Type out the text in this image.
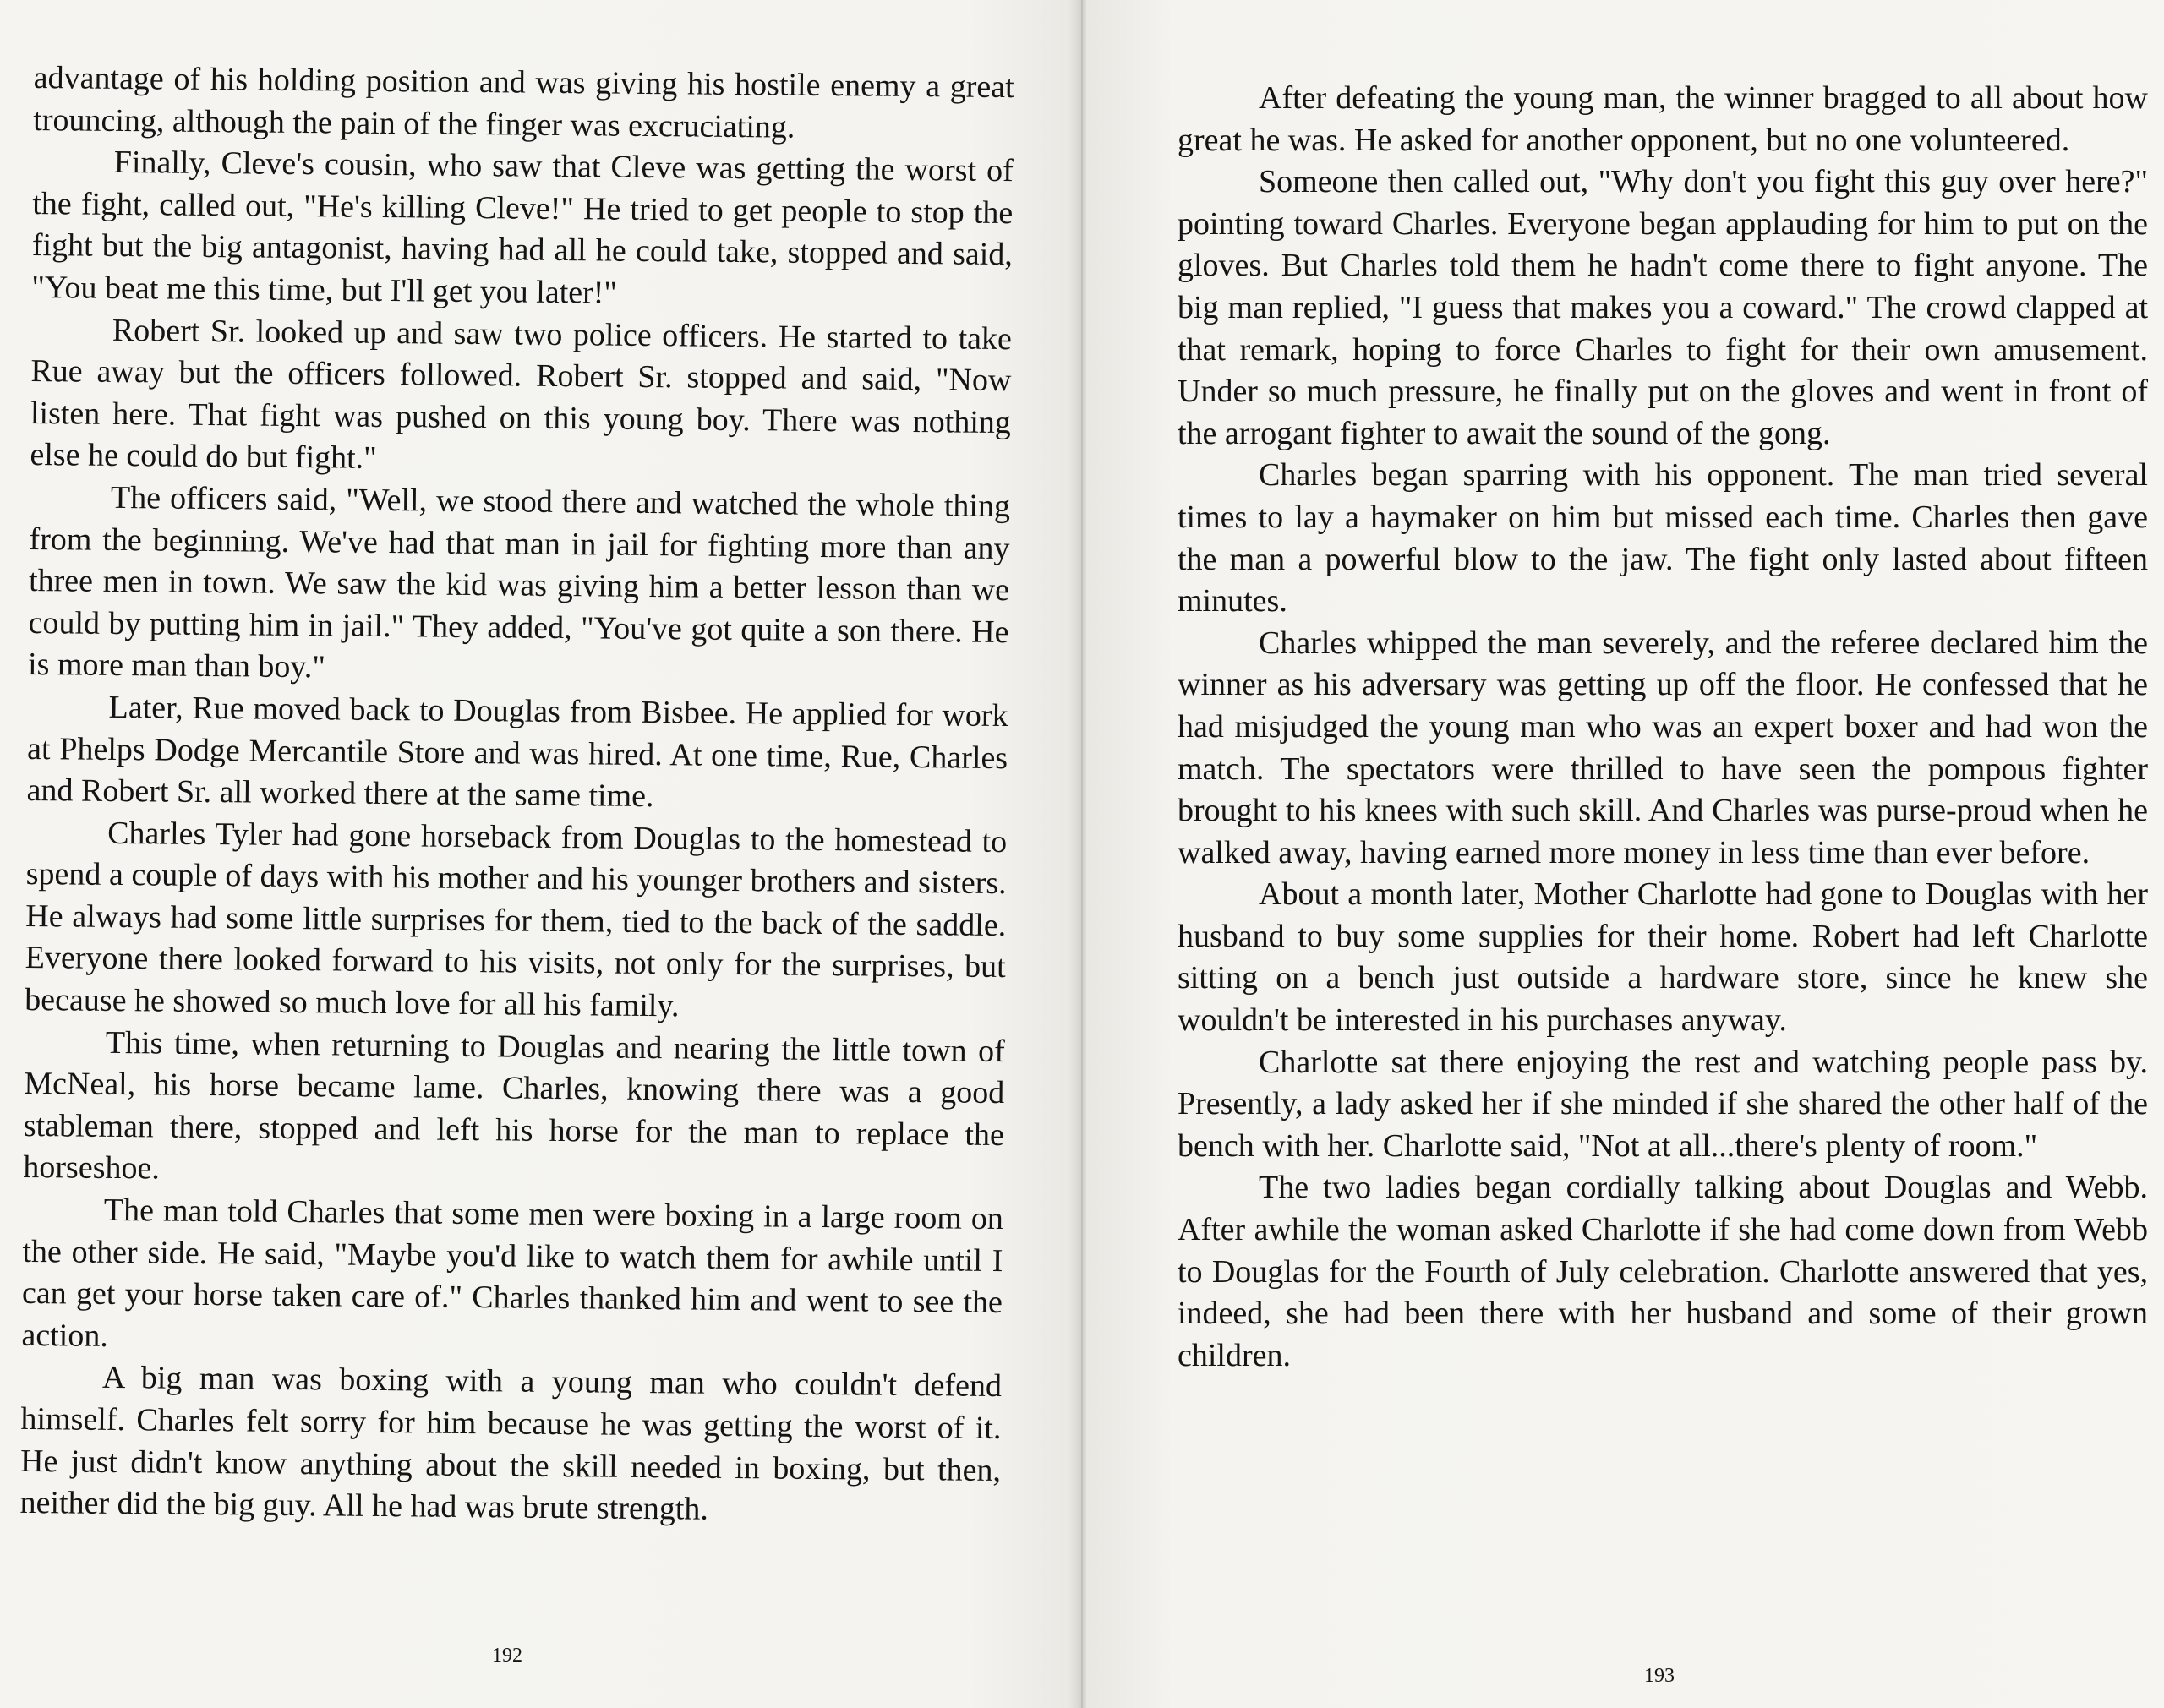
advantage of his holding position and was giving his hostile enemy a great trouncing, although the pain of the finger was excruciating.

Finally, Cleve's cousin, who saw that Cleve was getting the worst of the fight, called out, "He's killing Cleve!" He tried to get people to stop the fight but the big antagonist, having had all he could take, stopped and said, "You beat me this time, but I'll get you later!"

Robert Sr. looked up and saw two police officers. He started to take Rue away but the officers followed. Robert Sr. stopped and said, "Now listen here. That fight was pushed on this young boy. There was nothing else he could do but fight."

The officers said, "Well, we stood there and watched the whole thing from the beginning. We've had that man in jail for fighting more than any three men in town. We saw the kid was giving him a better lesson than we could by putting him in jail." They added, "You've got quite a son there. He is more man than boy."

Later, Rue moved back to Douglas from Bisbee. He applied for work at Phelps Dodge Mercantile Store and was hired. At one time, Rue, Charles and Robert Sr. all worked there at the same time.

Charles Tyler had gone horseback from Douglas to the homestead to spend a couple of days with his mother and his younger brothers and sisters. He always had some little surprises for them, tied to the back of the saddle. Everyone there looked forward to his visits, not only for the surprises, but because he showed so much love for all his family.

This time, when returning to Douglas and nearing the little town of McNeal, his horse became lame. Charles, knowing there was a good stableman there, stopped and left his horse for the man to replace the horseshoe.

The man told Charles that some men were boxing in a large room on the other side. He said, "Maybe you'd like to watch them for awhile until I can get your horse taken care of." Charles thanked him and went to see the action.

A big man was boxing with a young man who couldn't defend himself. Charles felt sorry for him because he was getting the worst of it. He just didn't know anything about the skill needed in boxing, but then, neither did the big guy. All he had was brute strength.

192

After defeating the young man, the winner bragged to all about how great he was. He asked for another opponent, but no one volunteered.

Someone then called out, "Why don't you fight this guy over here?" pointing toward Charles. Everyone began applauding for him to put on the gloves. But Charles told them he hadn't come there to fight anyone. The big man replied, "I guess that makes you a coward." The crowd clapped at that remark, hoping to force Charles to fight for their own amusement. Under so much pressure, he finally put on the gloves and went in front of the arrogant fighter to await the sound of the gong.

Charles began sparring with his opponent. The man tried several times to lay a haymaker on him but missed each time. Charles then gave the man a powerful blow to the jaw. The fight only lasted about fifteen minutes.

Charles whipped the man severely, and the referee declared him the winner as his adversary was getting up off the floor. He confessed that he had misjudged the young man who was an expert boxer and had won the match. The spectators were thrilled to have seen the pompous fighter brought to his knees with such skill. And Charles was purse-proud when he walked away, having earned more money in less time than ever before.

About a month later, Mother Charlotte had gone to Douglas with her husband to buy some supplies for their home. Robert had left Charlotte sitting on a bench just outside a hardware store, since he knew she wouldn't be interested in his purchases anyway.

Charlotte sat there enjoying the rest and watching people pass by. Presently, a lady asked her if she minded if she shared the other half of the bench with her. Charlotte said, "Not at all...there's plenty of room."

The two ladies began cordially talking about Douglas and Webb. After awhile the woman asked Charlotte if she had come down from Webb to Douglas for the Fourth of July celebration. Charlotte answered that yes, indeed, she had been there with her husband and some of their grown children.

193
